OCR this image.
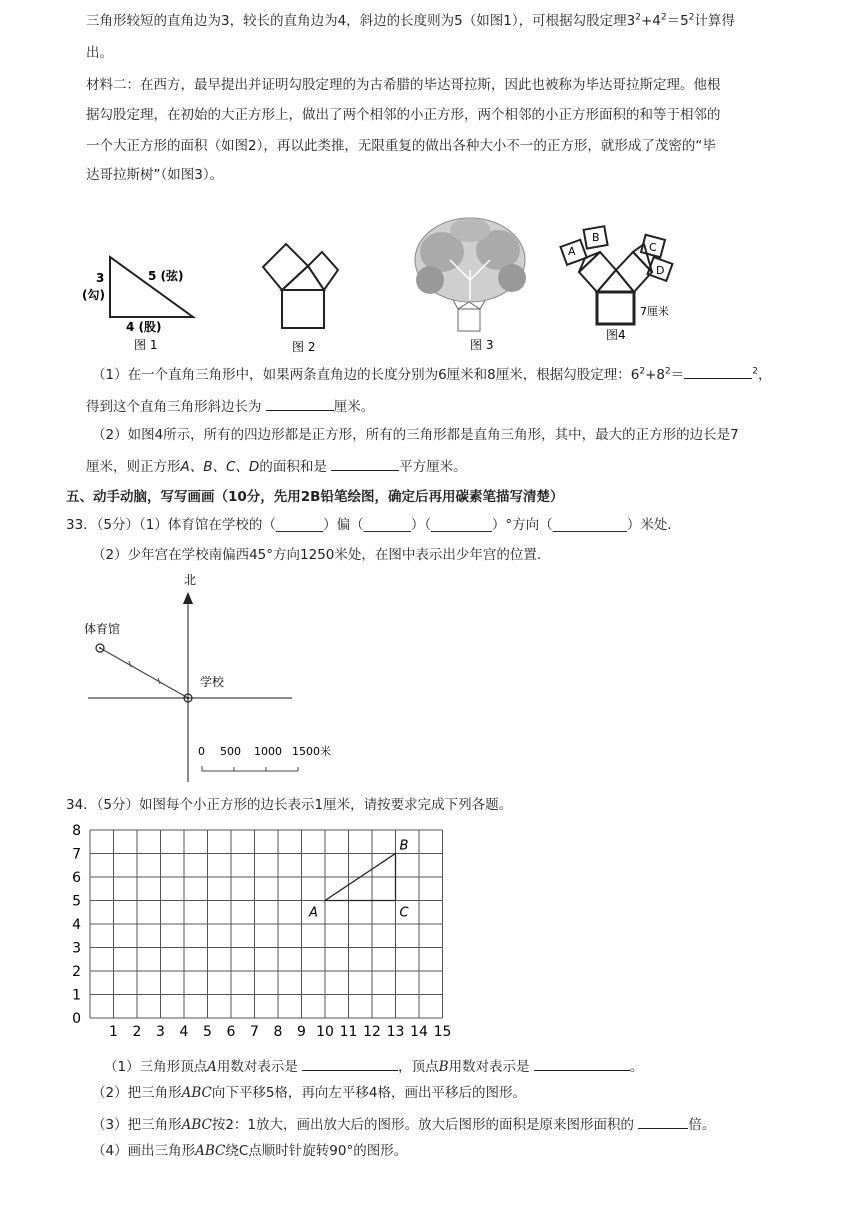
三角形较短的直角边为3，较长的直角边为4，斜边的长度则为5（如图1），可根据勾股定理$3^2+4^2=5^2$计算得
出。
材料二：在西方，最早提出并证明勾股定理的为古希腊的毕达哥拉斯，因此也被称为毕达哥拉斯定理。他根
据勾股定理，在初始的大正方形上，做出了两个相邻的小正方形，两个相邻的小正方形面积的和等于相邻的
一个大正方形的面积（如图2），再以此类推，无限重复的做出各种大小不一的正方形，就形成了茂密的“毕
达哥拉斯树”（如图3）。
3
(勾)
5 (弦)
4 (股)
图 1	图 2	图 3
A
B
C
D
7厘米
图4
（1）在一个直角三角形中，如果两条直角边的长度分别为6厘米和8厘米，根据勾股定理：$6^2+8^2=$	$^2$，
得到这个直角三角形斜边长为	厘米。
（2）如图4所示，所有的四边形都是正方形，所有的三角形都是直角三角形，其中，最大的正方形的边长是7
厘米，则正方形A、B、C、D的面积和是	平方厘米。
五、动手动脑，写写画画（10分，先用2B铅笔绘图，确定后再用碳素笔描写清楚）
33．（5分）（1）体育馆在学校的（_______）偏（_______）（_________）°方向（___________）米处.
（2）少年宫在学校南偏西45°方向1250米处，在图中表示出少年宫的位置.
北
体育馆
学校
0 500 1000 1500米
34．（5分）如图每个小正方形的边长表示1厘米，请按要求完成下列各题。
0
1
2
3
4
5
6
7
8
1 2 3 4 5 6 7 8 9 10 11 12 13 14 15
A
B
C
（1）三角形顶点A用数对表示是	，顶点B用数对表示是	。
（2）把三角形ABC向下平移5格，再向左平移4格，画出平移后的图形。
（3）把三角形ABC按2：1放大，画出放大后的图形。放大后图形的面积是原来图形面积的	倍。
（4）画出三角形ABC绕C点顺时针旋转90°的图形。
